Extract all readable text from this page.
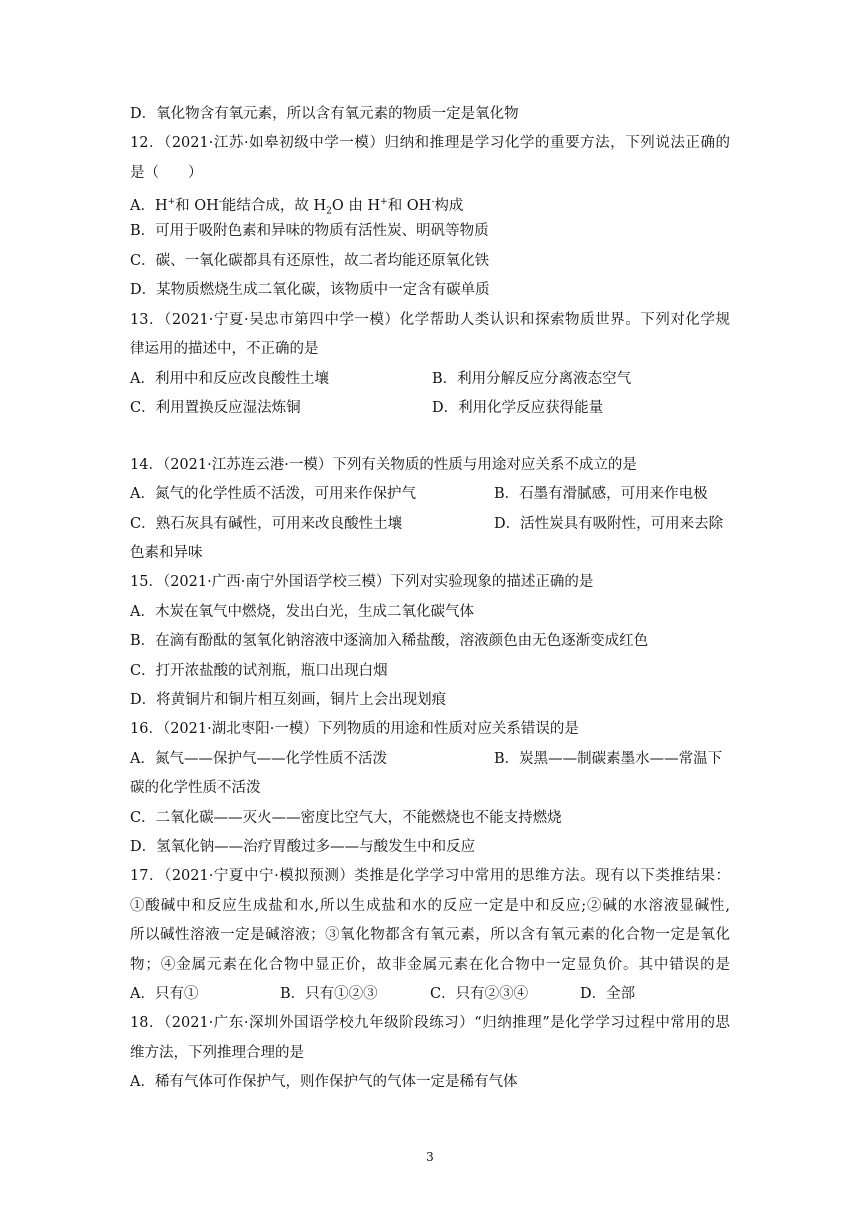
D．氧化物含有氧元素，所以含有氧元素的物质一定是氧化物
12．（2021·江苏·如皋初级中学一模）归纳和推理是学习化学的重要方法，下列说法正确的
是（　　）
A．H+和 OH-能结合成，故 $H_2O$ 由 H+和 OH-构成
B．可用于吸附色素和异味的物质有活性炭、明矾等物质
C．碳、一氧化碳都具有还原性，故二者均能还原氧化铁
D．某物质燃烧生成二氧化碳，该物质中一定含有碳单质
13．（2021·宁夏·吴忠市第四中学一模）化学帮助人类认识和探索物质世界。下列对化学规
律运用的描述中，不正确的是
A．利用中和反应改良酸性土壤	B．利用分解反应分离液态空气
C．利用置换反应湿法炼铜	D．利用化学反应获得能量
14．（2021·江苏连云港·一模）下列有关物质的性质与用途对应关系不成立的是
A．氮气的化学性质不活泼，可用来作保护气	B．石墨有滑腻感，可用来作电极
C．熟石灰具有碱性，可用来改良酸性土壤	D．活性炭具有吸附性，可用来去除
色素和异味
15．（2021·广西·南宁外国语学校三模）下列对实验现象的描述正确的是
A．木炭在氧气中燃烧，发出白光，生成二氧化碳气体
B．在滴有酚酞的氢氧化钠溶液中逐滴加入稀盐酸，溶液颜色由无色逐渐变成红色
C．打开浓盐酸的试剂瓶，瓶口出现白烟
D．将黄铜片和铜片相互刻画，铜片上会出现划痕
16．（2021·湖北枣阳·一模）下列物质的用途和性质对应关系错误的是
A．氮气——保护气——化学性质不活泼	B．炭黑——制碳素墨水——常温下
碳的化学性质不活泼
C．二氧化碳——灭火——密度比空气大，不能燃烧也不能支持燃烧
D．氢氧化钠——治疗胃酸过多——与酸发生中和反应
17．（2021·宁夏中宁·模拟预测）类推是化学学习中常用的思维方法。现有以下类推结果：
①酸碱中和反应生成盐和水,所以生成盐和水的反应一定是中和反应;②碱的水溶液显碱性,
所以碱性溶液一定是碱溶液；③氧化物都含有氧元素，所以含有氧元素的化合物一定是氧化
物；④金属元素在化合物中显正价，故非金属元素在化合物中一定显负价。其中错误的是
A．只有①	B．只有①②③	C．只有②③④	D．全部
18．（2021·广东·深圳外国语学校九年级阶段练习）“归纳推理”是化学学习过程中常用的思
维方法，下列推理合理的是
A．稀有气体可作保护气，则作保护气的气体一定是稀有气体
3
